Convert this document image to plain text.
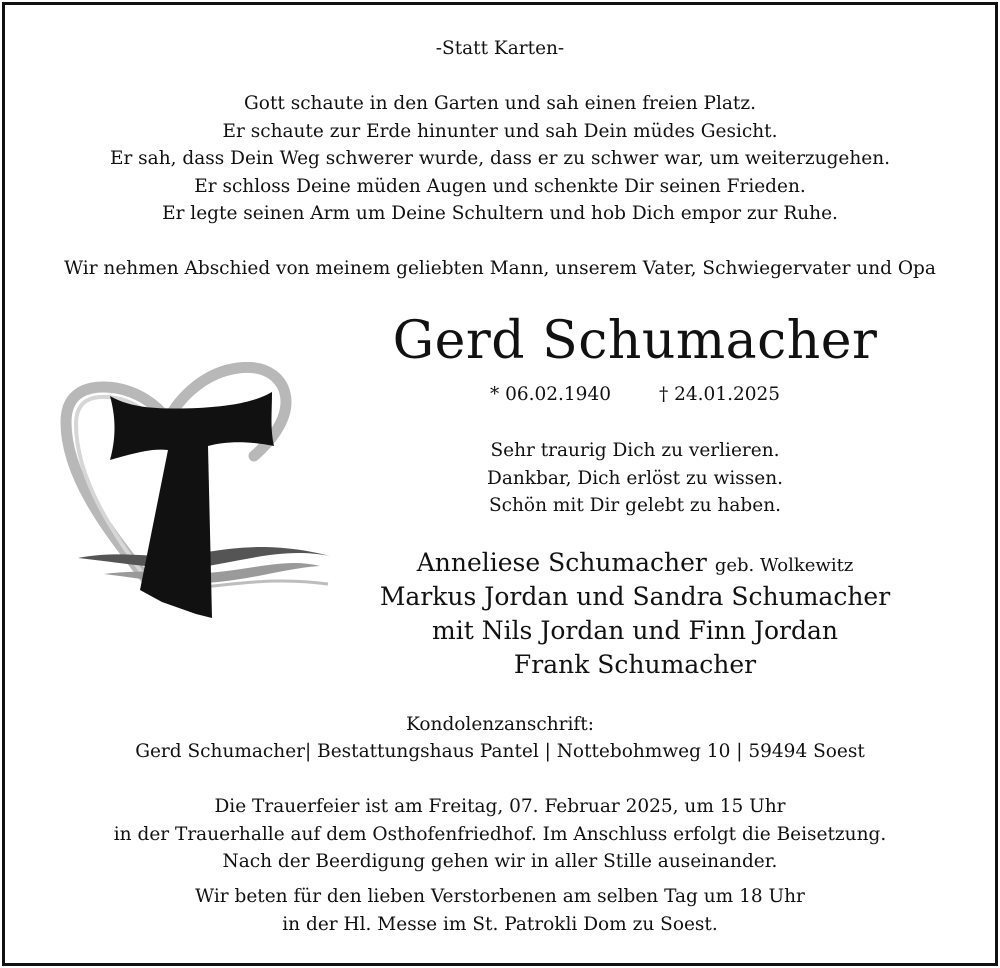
-Statt Karten-
Gott schaute in den Garten und sah einen freien Platz.
Er schaute zur Erde hinunter und sah Dein müdes Gesicht.
Er sah, dass Dein Weg schwerer wurde, dass er zu schwer war, um weiterzugehen.
Er schloss Deine müden Augen und schenkte Dir seinen Frieden.
Er legte seinen Arm um Deine Schultern und hob Dich empor zur Ruhe.
Wir nehmen Abschied von meinem geliebten Mann, unserem Vater, Schwiegervater und Opa
Gerd Schumacher
* 06.02.1940	† 24.01.2025
Sehr traurig Dich zu verlieren.
Dankbar, Dich erlöst zu wissen.
Schön mit Dir gelebt zu haben.
Anneliese Schumacher geb. Wolkewitz
Markus Jordan und Sandra Schumacher
mit Nils Jordan und Finn Jordan
Frank Schumacher
Kondolenzanschrift:
Gerd Schumacher| Bestattungshaus Pantel | Nottebohmweg 10 | 59494 Soest
Die Trauerfeier ist am Freitag, 07. Februar 2025, um 15 Uhr
in der Trauerhalle auf dem Osthofenfriedhof. Im Anschluss erfolgt die Beisetzung.
Nach der Beerdigung gehen wir in aller Stille auseinander.
Wir beten für den lieben Verstorbenen am selben Tag um 18 Uhr
in der Hl. Messe im St. Patrokli Dom zu Soest.
